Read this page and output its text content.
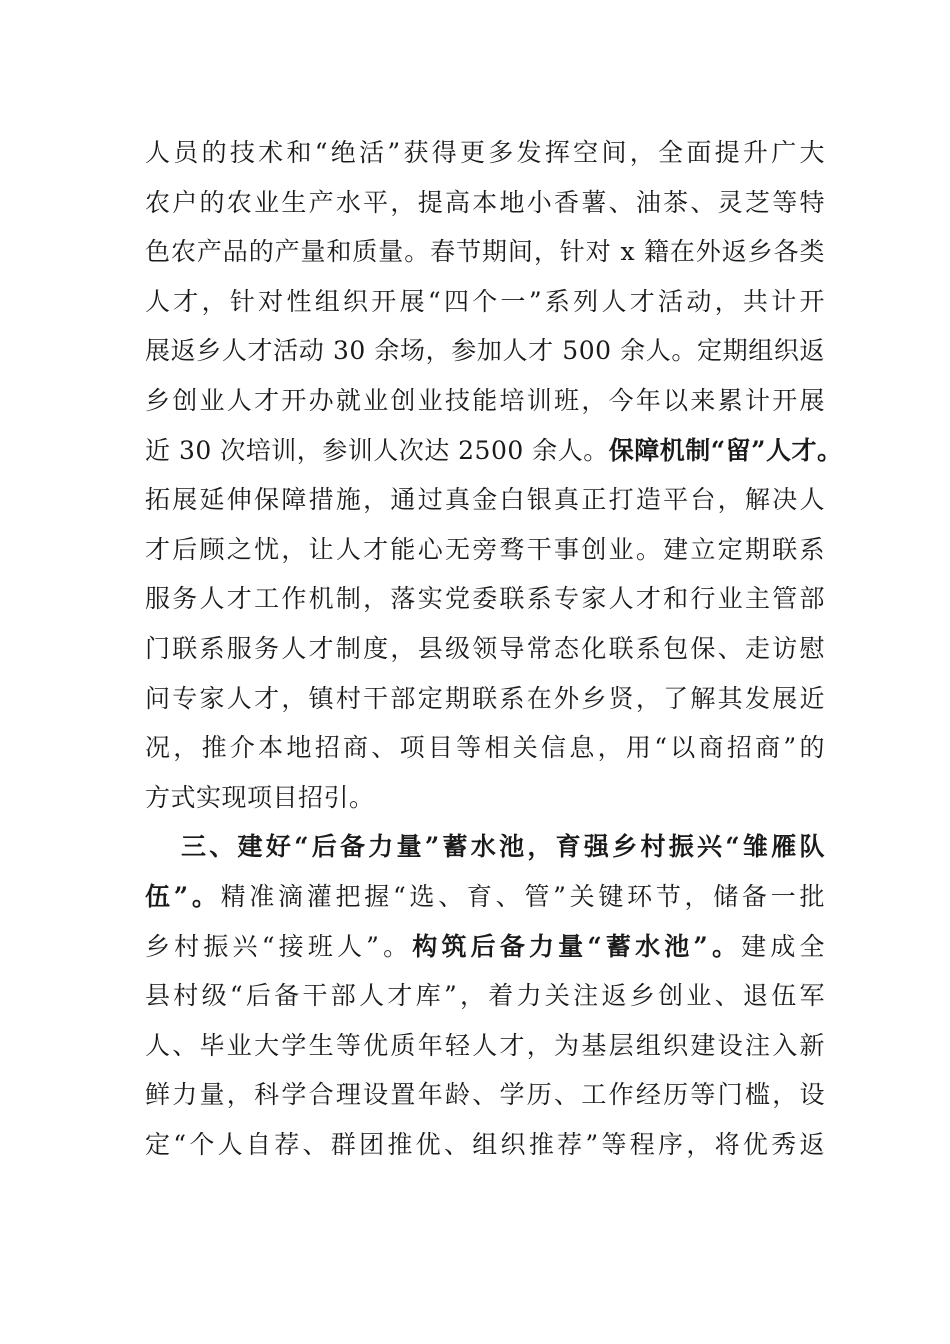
人员的技术和“绝活”获得更多发挥空间，全面提升广大
农户的农业生产水平，提高本地小香薯、油茶、灵芝等特
色农产品的产量和质量。春节期间，针对 x 籍在外返乡各类
人才，针对性组织开展“四个一”系列人才活动，共计开
展返乡人才活动 30 余场，参加人才 500 余人。定期组织返
乡创业人才开办就业创业技能培训班，今年以来累计开展
近 30 次培训，参训人次达 2500 余人。保障机制“留”人才。
拓展延伸保障措施，通过真金白银真正打造平台，解决人
才后顾之忧，让人才能心无旁骛干事创业。建立定期联系
服务人才工作机制，落实党委联系专家人才和行业主管部
门联系服务人才制度，县级领导常态化联系包保、走访慰
问专家人才，镇村干部定期联系在外乡贤，了解其发展近
况，推介本地招商、项目等相关信息，用“以商招商”的
方式实现项目招引。
三、建好“后备力量”蓄水池，育强乡村振兴“雏雁队
伍”。精准滴灌把握“选、育、管”关键环节，储备一批
乡村振兴“接班人”。构筑后备力量“蓄水池”。建成全
县村级“后备干部人才库”，着力关注返乡创业、退伍军
人、毕业大学生等优质年轻人才，为基层组织建设注入新
鲜力量，科学合理设置年龄、学历、工作经历等门槛，设
定“个人自荐、群团推优、组织推荐”等程序，将优秀返
